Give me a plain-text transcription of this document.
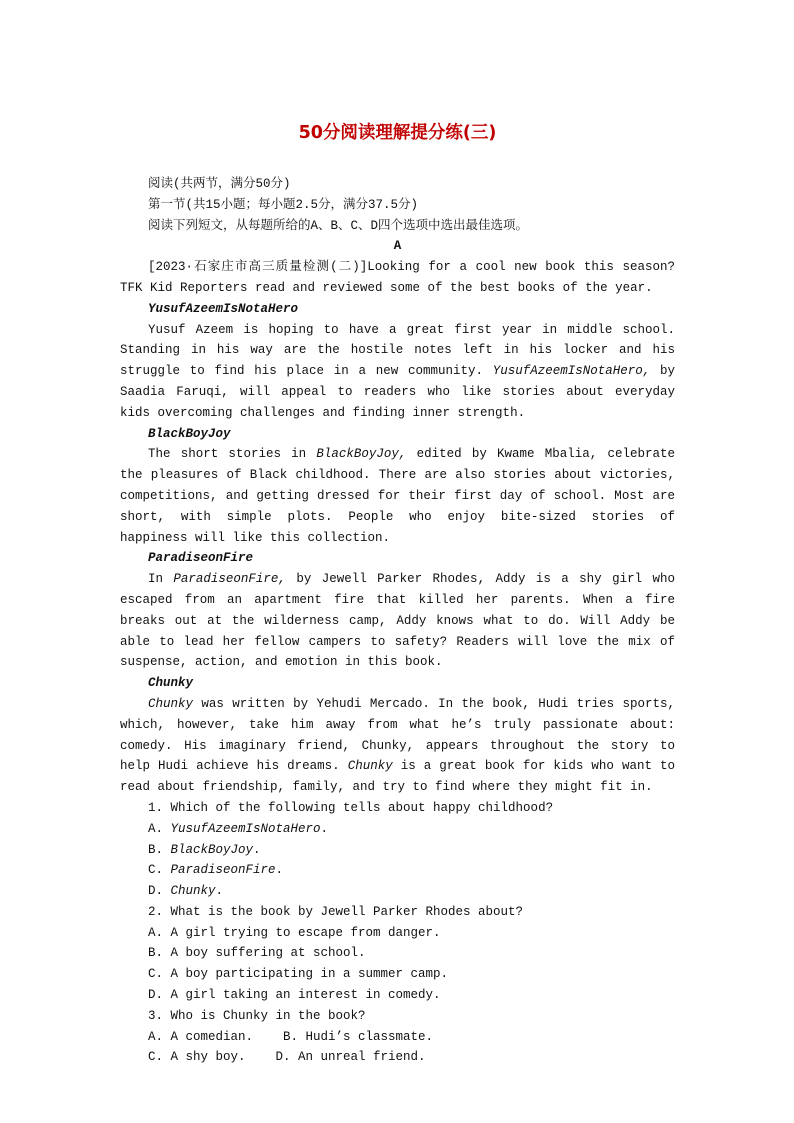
50分阅读理解提分练(三)

阅读(共两节，满分50分)

第一节(共15小题；每小题2.5分，满分37.5分)

阅读下列短文，从每题所给的A、B、C、D四个选项中选出最佳选项。

A

[2023·石家庄市高三质量检测(二)]Looking for a cool new book this season? TFK Kid Reporters read and reviewed some of the best books of the year.

YusufAzeemIsNotaHero

Yusuf Azeem is hoping to have a great first year in middle school. Standing in his way are the hostile notes left in his locker and his struggle to find his place in a new community. YusufAzeemIsNotaHero, by Saadia Faruqi, will appeal to readers who like stories about everyday kids overcoming challenges and finding inner strength.

BlackBoyJoy

The short stories in BlackBoyJoy, edited by Kwame Mbalia, celebrate the pleasures of Black childhood. There are also stories about victories, competitions, and getting dressed for their first day of school. Most are short, with simple plots. People who enjoy bite-sized stories of happiness will like this collection.

ParadiseonFire

In ParadiseonFire, by Jewell Parker Rhodes, Addy is a shy girl who escaped from an apartment fire that killed her parents. When a fire breaks out at the wilderness camp, Addy knows what to do. Will Addy be able to lead her fellow campers to safety? Readers will love the mix of suspense, action, and emotion in this book.

Chunky

Chunky was written by Yehudi Mercado. In the book, Hudi tries sports, which, however, take him away from what he’s truly passionate about: comedy. His imaginary friend, Chunky, appears throughout the story to help Hudi achieve his dreams. Chunky is a great book for kids who want to read about friendship, family, and try to find where they might fit in.

1. Which of the following tells about happy childhood?

A. YusufAzeemIsNotaHero.

B. BlackBoyJoy.

C. ParadiseonFire.

D. Chunky.

2. What is the book by Jewell Parker Rhodes about?

A. A girl trying to escape from danger.

B. A boy suffering at school.

C. A boy participating in a summer camp.

D. A girl taking an interest in comedy.

3. Who is Chunky in the book?

A. A comedian. B. Hudi’s classmate.

C. A shy boy. D. An unreal friend.
